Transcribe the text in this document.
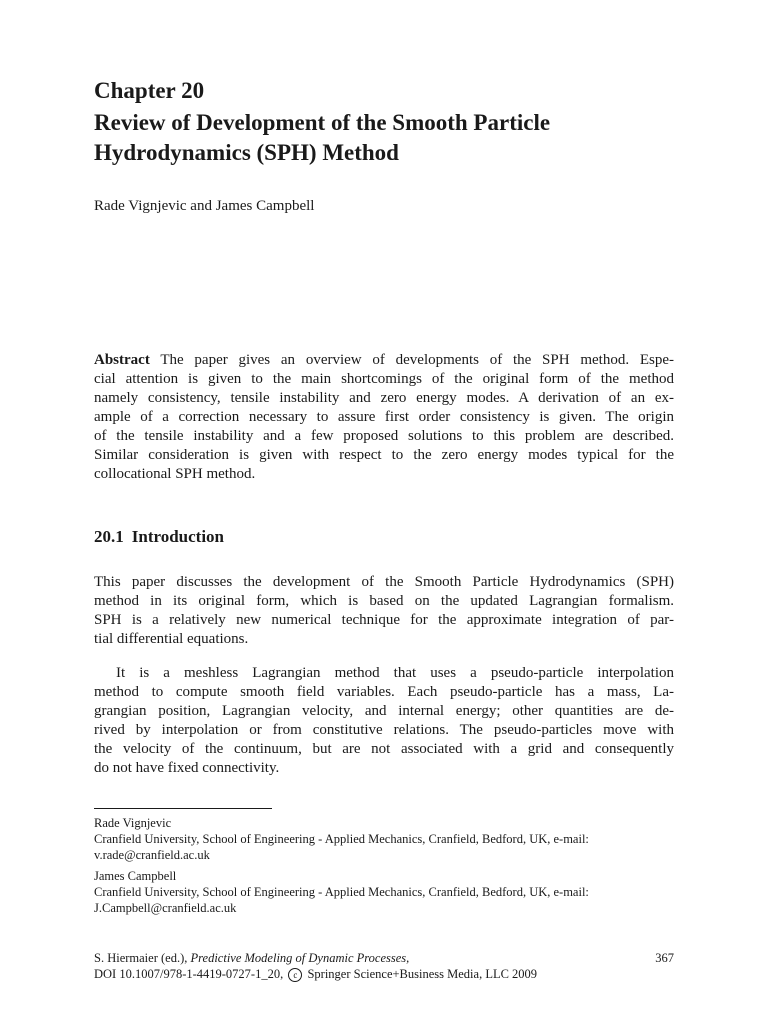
Chapter 20
Review of Development of the Smooth Particle
Hydrodynamics (SPH) Method

Rade Vignjevic and James Campbell

Abstract The paper gives an overview of developments of the SPH method. Espe-
cial attention is given to the main shortcomings of the original form of the method
namely consistency, tensile instability and zero energy modes. A derivation of an ex-
ample of a correction necessary to assure first order consistency is given. The origin
of the tensile instability and a few proposed solutions to this problem are described.
Similar consideration is given with respect to the zero energy modes typical for the
collocational SPH method.
20.1 Introduction
This paper discusses the development of the Smooth Particle Hydrodynamics (SPH)
method in its original form, which is based on the updated Lagrangian formalism.
SPH is a relatively new numerical technique for the approximate integration of par-
tial differential equations.
It is a meshless Lagrangian method that uses a pseudo-particle interpolation
method to compute smooth field variables. Each pseudo-particle has a mass, La-
grangian position, Lagrangian velocity, and internal energy; other quantities are de-
rived by interpolation or from constitutive relations. The pseudo-particles move with
the velocity of the continuum, but are not associated with a grid and consequently
do not have fixed connectivity.
Rade Vignjevic
Cranfield University, School of Engineering - Applied Mechanics, Cranfield, Bedford, UK, e-mail:
v.rade@cranfield.ac.uk
James Campbell
Cranfield University, School of Engineering - Applied Mechanics, Cranfield, Bedford, UK, e-mail:
J.Campbell@cranfield.ac.uk
S. Hiermaier (ed.), Predictive Modeling of Dynamic Processes,	367
DOI 10.1007/978-1-4419-0727-1_20, c Springer Science+Business Media, LLC 2009
